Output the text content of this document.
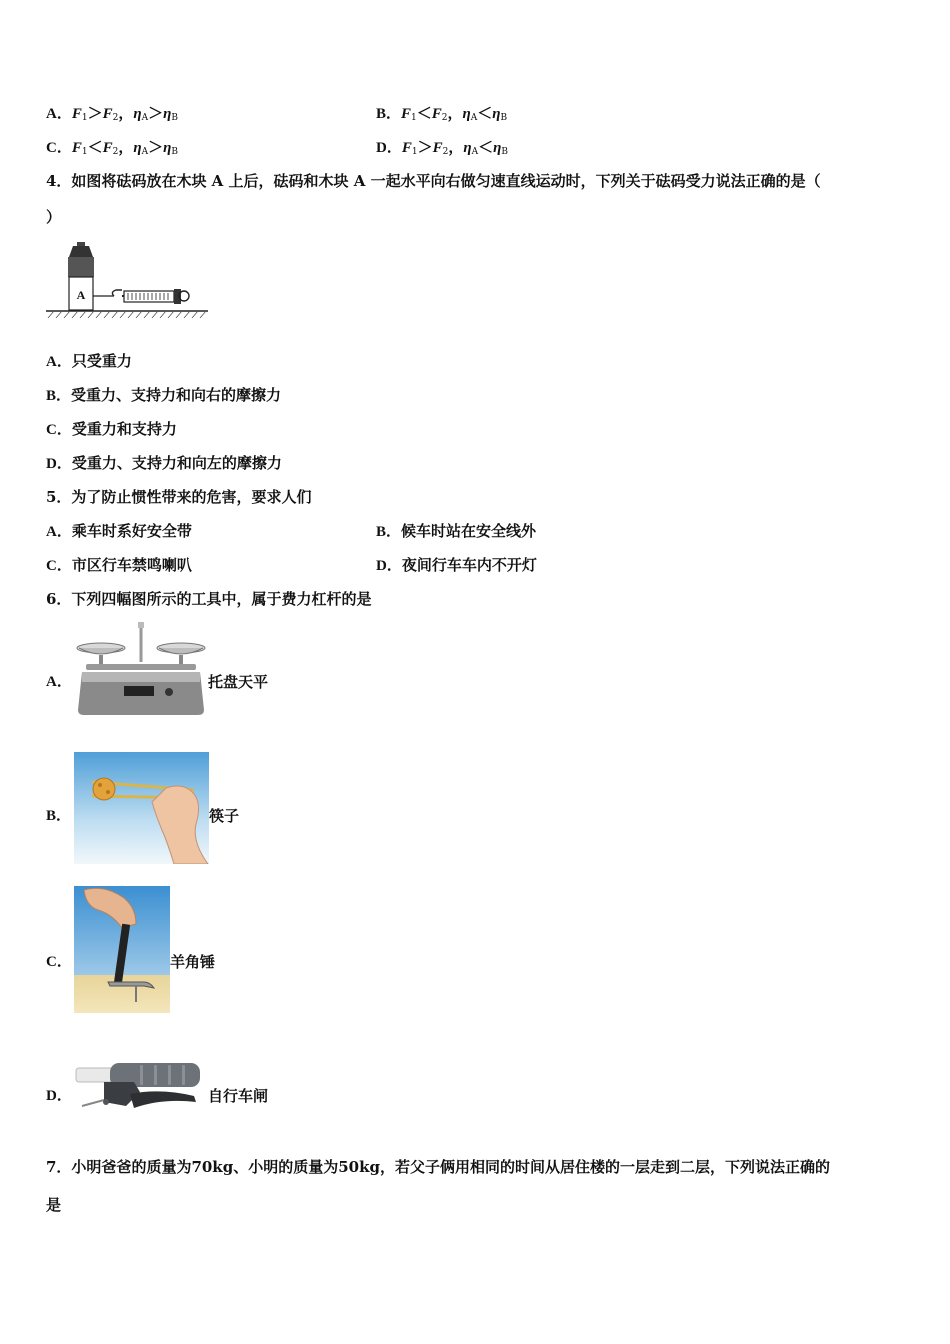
A．$F_1>F_2$，$\eta_A>\eta_B$	B．$F_1<F_2$，$\eta_A<\eta_B$
C．$F_1<F_2$，$\eta_A>\eta_B$	D．$F_1>F_2$，$\eta_A<\eta_B$
4．如图将砝码放在木块 A 上后，砝码和木块 A 一起水平向右做匀速直线运动时，下列关于砝码受力说法正确的是（
）
A
A．只受重力
B．受重力、支持力和向右的摩擦力
C．受重力和支持力
D．受重力、支持力和向左的摩擦力
5．为了防止惯性带来的危害，要求人们
A．乘车时系好安全带	B．候车时站在安全线外
C．市区行车禁鸣喇叭	D．夜间行车车内不开灯
6．下列四幅图所示的工具中，属于费力杠杆的是
A．	托盘天平
B．	筷子
C．	羊角锤
D．	自行车闸
7．小明爸爸的质量为70kg、小明的质量为50kg，若父子俩用相同的时间从居住楼的一层走到二层，下列说法正确的
是
